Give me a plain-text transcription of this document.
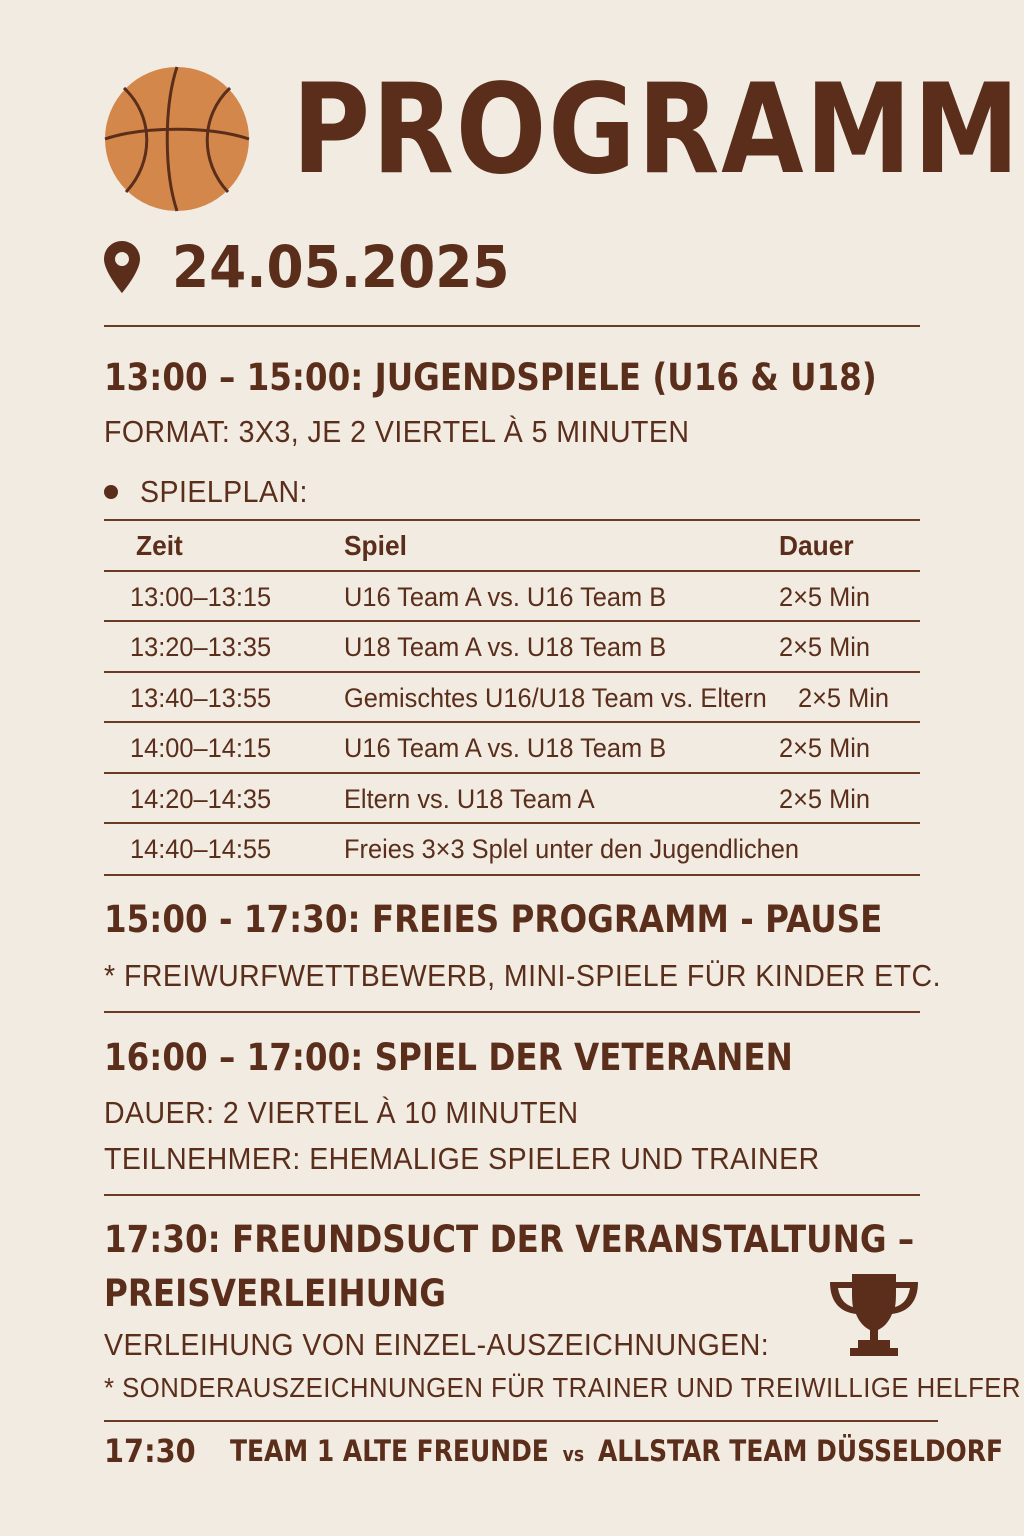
PROGRAMM
24.05.2025
13:00 – 15:00: JUGENDSPIELE (U16 & U18)
FORMAT: 3X3, JE 2 VIERTEL À 5 MINUTEN
SPIELPLAN:
Zeit	Spiel	Dauer
13:00–13:15	U16 Team A vs. U16 Team B	2×5 Min
13:20–13:35	U18 Team A vs. U18 Team B	2×5 Min
13:40–13:55	Gemischtes U16/U18 Team vs. Eltern 2×5 Min
14:00–14:15	U16 Team A vs. U18 Team B	2×5 Min
14:20–14:35	Eltern vs. U18 Team A	2×5 Min
14:40–14:55	Freies 3×3 Splel unter den Jugendlichen
15:00 - 17:30: FREIES PROGRAMM - PAUSE
* FREIWURFWETTBEWERB, MINI-SPIELE FÜR KINDER ETC.
16:00 – 17:00: SPIEL DER VETERANEN
DAUER: 2 VIERTEL À 10 MINUTEN
TEILNEHMER: EHEMALIGE SPIELER UND TRAINER
17:30: FREUNDSUCT DER VERANSTALTUNG –
PREISVERLEIHUNG
VERLEIHUNG VON EINZEL-AUSZEICHNUNGEN:
* SONDERAUSZEICHNUNGEN FÜR TRAINER UND TREIWILLIGE HELFER
17:30 TEAM 1 ALTE FREUNDE vs ALLSTAR TEAM DÜSSELDORF
